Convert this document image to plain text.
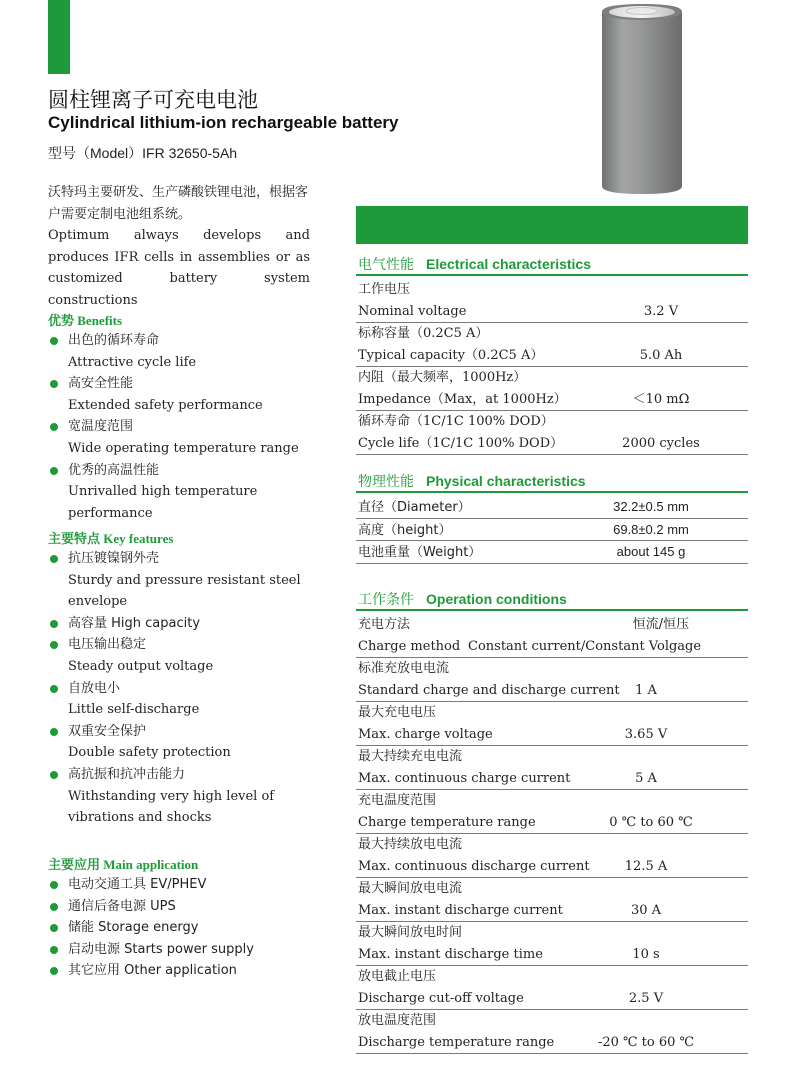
圆柱锂离子可充电电池
Cylindrical lithium-ion rechargeable battery
型号（Model）IFR 32650-5Ah
沃特玛主要研发、生产磷酸铁锂电池，根据客户需要定制电池组系统。
Optimum always develops and produces IFR cells in assemblies or as customized battery system constructions
优势 Benefits
出色的循环寿命
Attractive cycle life
高安全性能
Extended safety performance
宽温度范围
Wide operating temperature range
优秀的高温性能
Unrivalled high temperature performance
主要特点 Key features
抗压镀镍钢外壳
Sturdy and pressure resistant steel
envelope
高容量 High capacity
电压输出稳定
Steady output voltage
自放电小
Little self-discharge
双重安全保护
Double safety protection
高抗振和抗冲击能力
Withstanding very high level of
vibrations and shocks
主要应用 Main application
电动交通工具 EV/PHEV
通信后备电源 UPS
储能 Storage energy
启动电源 Starts power supply
其它应用 Other application
电气性能 Electrical characteristics
工作电压
Nominal voltage	3.2 V
标称容量（0.2C5 A）
Typical capacity（0.2C5 A）	5.0 Ah
内阻（最大频率，1000Hz）
Impedance（Max，at 1000Hz）	＜10 mΩ
循环寿命（1C/1C 100% DOD）
Cycle life（1C/1C 100% DOD）	2000 cycles
物理性能 Physical characteristics
直径（Diameter）	32.2±0.5 mm
高度（height）	69.8±0.2 mm
电池重量（Weight）	about 145 g
工作条件 Operation conditions
充电方法	恒流/恒压
Charge method Constant current/Constant Volgage
标准充放电电流
Standard charge and discharge current	1 A
最大充电电压
Max. charge voltage	3.65 V
最大持续充电电流
Max. continuous charge current	5 A
充电温度范围
Charge temperature range	0 ℃ to 60 ℃
最大持续放电电流
Max. continuous discharge current	12.5 A
最大瞬间放电电流
Max. instant discharge current	30 A
最大瞬间放电时间
Max. instant discharge time	10 s
放电截止电压
Discharge cut-off voltage	2.5 V
放电温度范围
Discharge temperature range	-20 ℃ to 60 ℃
